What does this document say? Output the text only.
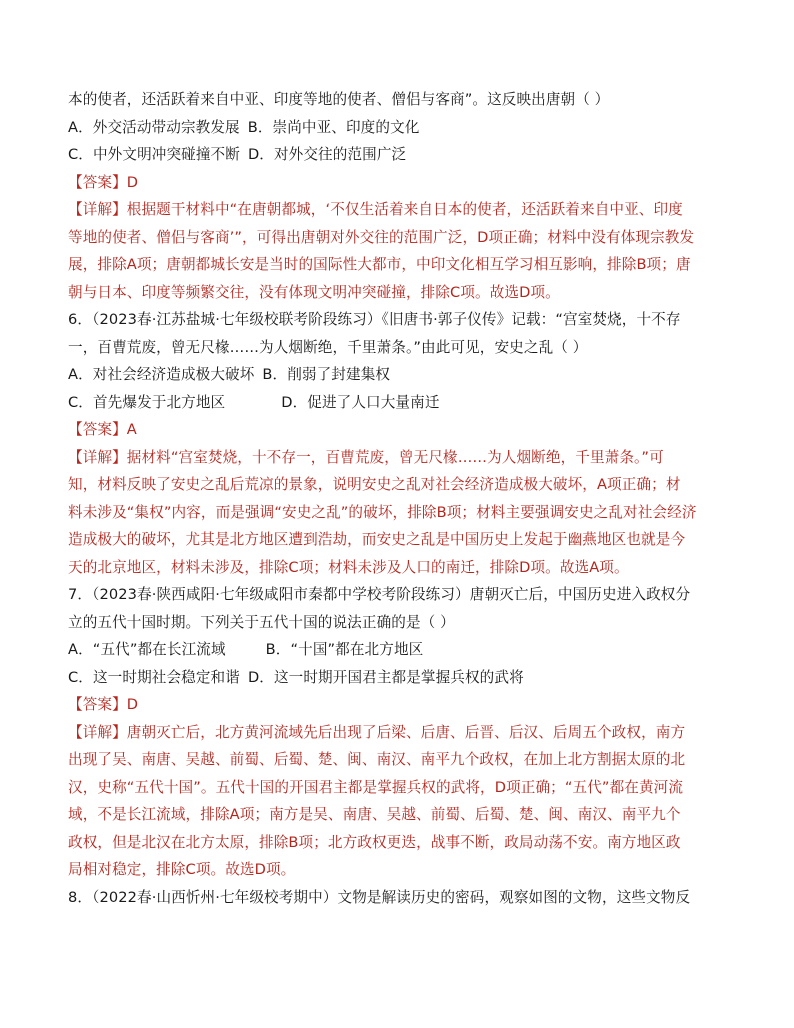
本的使者，还活跃着来自中亚、印度等地的使者、僧侣与客商”。这反映出唐朝（ ）
A．外交活动带动宗教发展 B．崇尚中亚、印度的文化
C．中外文明冲突碰撞不断 D．对外交往的范围广泛
【答案】D
【详解】根据题干材料中“在唐朝都城，‘不仅生活着来自日本的使者，还活跃着来自中亚、印度
等地的使者、僧侣与客商’”，可得出唐朝对外交往的范围广泛，D项正确；材料中没有体现宗教发
展，排除A项；唐朝都城长安是当时的国际性大都市，中印文化相互学习相互影响，排除B项；唐
朝与日本、印度等频繁交往，没有体现文明冲突碰撞，排除C项。故选D项。
6．（2023春·江苏盐城·七年级校联考阶段练习）《旧唐书·郭子仪传》记载：“宫室焚烧，十不存
一，百曹荒废，曾无尺椽……为人烟断绝，千里萧条。”由此可见，安史之乱（ ）
A．对社会经济造成极大破坏 B．削弱了封建集权
C．首先爆发于北方地区	D．促进了人口大量南迁
【答案】A
【详解】据材料“宫室焚烧，十不存一，百曹荒废，曾无尺椽……为人烟断绝，千里萧条。”可
知，材料反映了安史之乱后荒凉的景象，说明安史之乱对社会经济造成极大破坏，A项正确；材
料未涉及“集权”内容，而是强调“安史之乱”的破坏，排除B项；材料主要强调安史之乱对社会经济
造成极大的破坏，尤其是北方地区遭到浩劫，而安史之乱是中国历史上发起于幽燕地区也就是今
天的北京地区，材料未涉及，排除C项；材料未涉及人口的南迁，排除D项。故选A项。
7．（2023春·陕西咸阳·七年级咸阳市秦都中学校考阶段练习）唐朝灭亡后，中国历史进入政权分
立的五代十国时期。下列关于五代十国的说法正确的是（ ）
A．“五代”都在长江流域	B．“十国”都在北方地区
C．这一时期社会稳定和谐 D．这一时期开国君主都是掌握兵权的武将
【答案】D
【详解】唐朝灭亡后，北方黄河流域先后出现了后梁、后唐、后晋、后汉、后周五个政权，南方
出现了吴、南唐、吴越、前蜀、后蜀、楚、闽、南汉、南平九个政权，在加上北方割据太原的北
汉，史称“五代十国”。五代十国的开国君主都是掌握兵权的武将，D项正确；“五代”都在黄河流
域，不是长江流域，排除A项；南方是吴、南唐、吴越、前蜀、后蜀、楚、闽、南汉、南平九个
政权，但是北汉在北方太原，排除B项；北方政权更迭，战事不断，政局动荡不安。南方地区政
局相对稳定，排除C项。故选D项。
8．（2022春·山西忻州·七年级校考期中）文物是解读历史的密码，观察如图的文物，这些文物反
